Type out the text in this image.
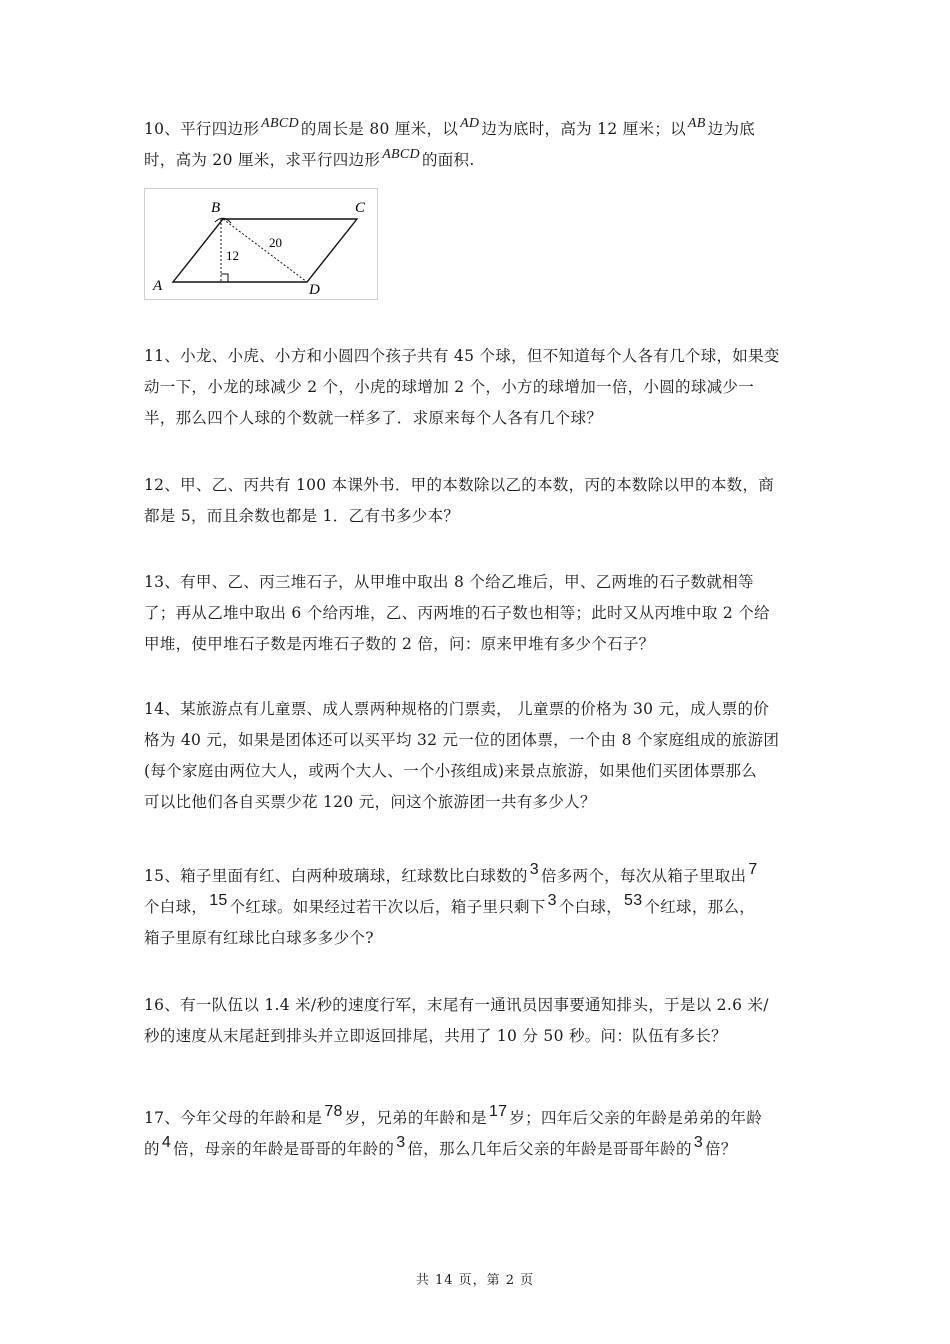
10、平行四边形 ABCD 的周长是 80 厘米，以 AD 边为底时，高为 12 厘米；以 AB 边为底
时，高为 20 厘米，求平行四边形 ABCD 的面积.
A
B	C
D
12
20
11、小龙、小虎、小方和小圆四个孩子共有 45 个球，但不知道每个人各有几个球，如果变
动一下，小龙的球减少 2 个，小虎的球增加 2 个，小方的球增加一倍，小圆的球减少一
半，那么四个人球的个数就一样多了．求原来每个人各有几个球？
12、甲、乙、丙共有 100 本课外书．甲的本数除以乙的本数，丙的本数除以甲的本数，商
都是 5，而且余数也都是 1．乙有书多少本？
13、有甲、乙、丙三堆石子，从甲堆中取出 8 个给乙堆后，甲、乙两堆的石子数就相等
了；再从乙堆中取出 6 个给丙堆，乙、丙两堆的石子数也相等；此时又从丙堆中取 2 个给
甲堆，使甲堆石子数是丙堆石子数的 2 倍，问：原来甲堆有多少个石子？
14、某旅游点有儿童票、成人票两种规格的门票卖， 儿童票的价格为 30 元，成人票的价
格为 40 元，如果是团体还可以买平均 32 元一位的团体票，一个由 8 个家庭组成的旅游团
(每个家庭由两位大人，或两个大人、一个小孩组成)来景点旅游，如果他们买团体票那么
可以比他们各自买票少花 120 元，问这个旅游团一共有多少人？
15、箱子里面有红、白两种玻璃球，红球数比白球数的 3 倍多两个，每次从箱子里取出 7
个白球， 15 个红球。如果经过若干次以后，箱子里只剩下 3 个白球， 53 个红球，那么，
箱子里原有红球比白球多多少个?
16、有一队伍以 1.4 米/秒的速度行军，末尾有一通讯员因事要通知排头，于是以 2.6 米/
秒的速度从末尾赶到排头并立即返回排尾，共用了 10 分 50 秒。问：队伍有多长？
17、今年父母的年龄和是 78 岁，兄弟的年龄和是 17 岁；四年后父亲的年龄是弟弟的年龄
的 4 倍，母亲的年龄是哥哥的年龄的 3 倍，那么几年后父亲的年龄是哥哥年龄的 3 倍？
共 14 页，第 2 页
